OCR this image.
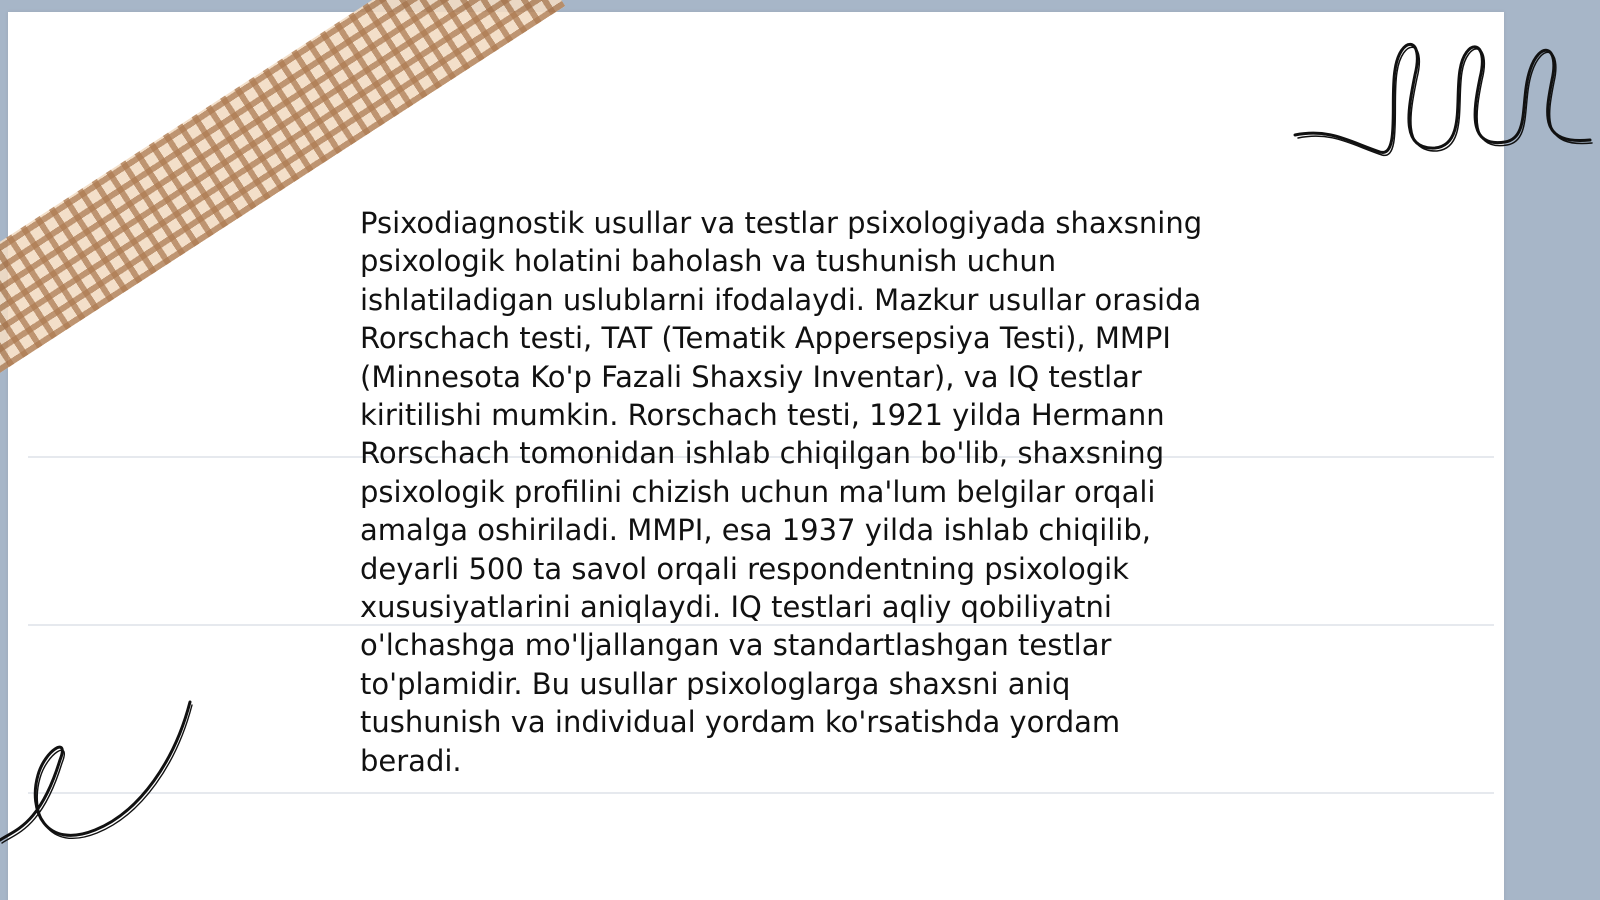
Psixodiagnostik usullar va testlar psixologiyada shaxsning
psixologik holatini baholash va tushunish uchun
ishlatiladigan uslublarni ifodalaydi. Mazkur usullar orasida
Rorschach testi, TAT (Tematik Appersepsiya Testi), MMPI
(Minnesota Ko'p Fazali Shaxsiy Inventar), va IQ testlar
kiritilishi mumkin. Rorschach testi, 1921 yilda Hermann
Rorschach tomonidan ishlab chiqilgan bo'lib, shaxsning
psixologik profilini chizish uchun ma'lum belgilar orqali
amalga oshiriladi. MMPI, esa 1937 yilda ishlab chiqilib,
deyarli 500 ta savol orqali respondentning psixologik
xususiyatlarini aniqlaydi. IQ testlari aqliy qobiliyatni
o'lchashga mo'ljallangan va standartlashgan testlar
to'plamidir. Bu usullar psixologlarga shaxsni aniq
tushunish va individual yordam ko'rsatishda yordam
beradi.
